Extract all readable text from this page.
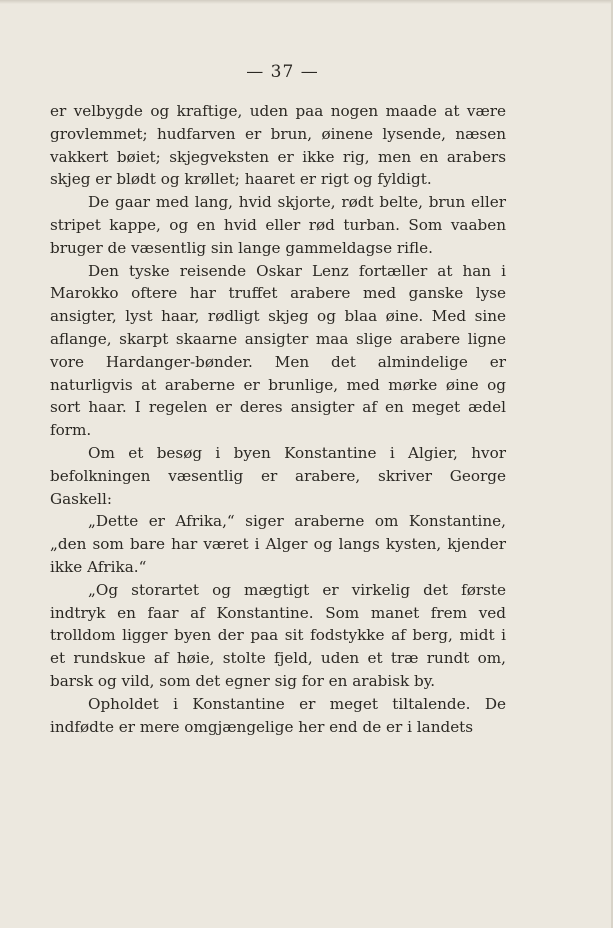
— 37 —

er velbygde og kraftige, uden paa nogen maade at være grovlemmet; hudfarven er brun, øinene lysende, næsen vakkert bøiet; skjegveksten er ikke rig, men en arabers skjeg er blødt og krøllet; haaret er rigt og fyldigt.

De gaar med lang, hvid skjorte, rødt belte, brun eller stripet kappe, og en hvid eller rød turban. Som vaaben bruger de væsentlig sin lange gammeldagse rifle.

Den tyske reisende Oskar Lenz fortæller at han i Marokko oftere har truffet arabere med ganske lyse ansigter, lyst haar, rødligt skjeg og blaa øine. Med sine aflange, skarpt skaarne ansigter maa slige arabere ligne vore Hardanger-bønder. Men det almindelige er naturligvis at araberne er brunlige, med mørke øine og sort haar. I regelen er deres ansigter af en meget ædel form.

Om et besøg i byen Konstantine i Algier, hvor befolkningen væsentlig er arabere, skriver George Gaskell:

„Dette er Afrika,“ siger araberne om Konstantine, „den som bare har været i Alger og langs kysten, kjender ikke Afrika.“

„Og storartet og mægtigt er virkelig det første indtryk en faar af Konstantine. Som manet frem ved trolldom ligger byen der paa sit fodstykke af berg, midt i et rundskue af høie, stolte fjeld, uden et træ rundt om, barsk og vild, som det egner sig for en arabisk by.

Opholdet i Konstantine er meget tiltalende. De indfødte er mere omgjængelige her end de er i landets
